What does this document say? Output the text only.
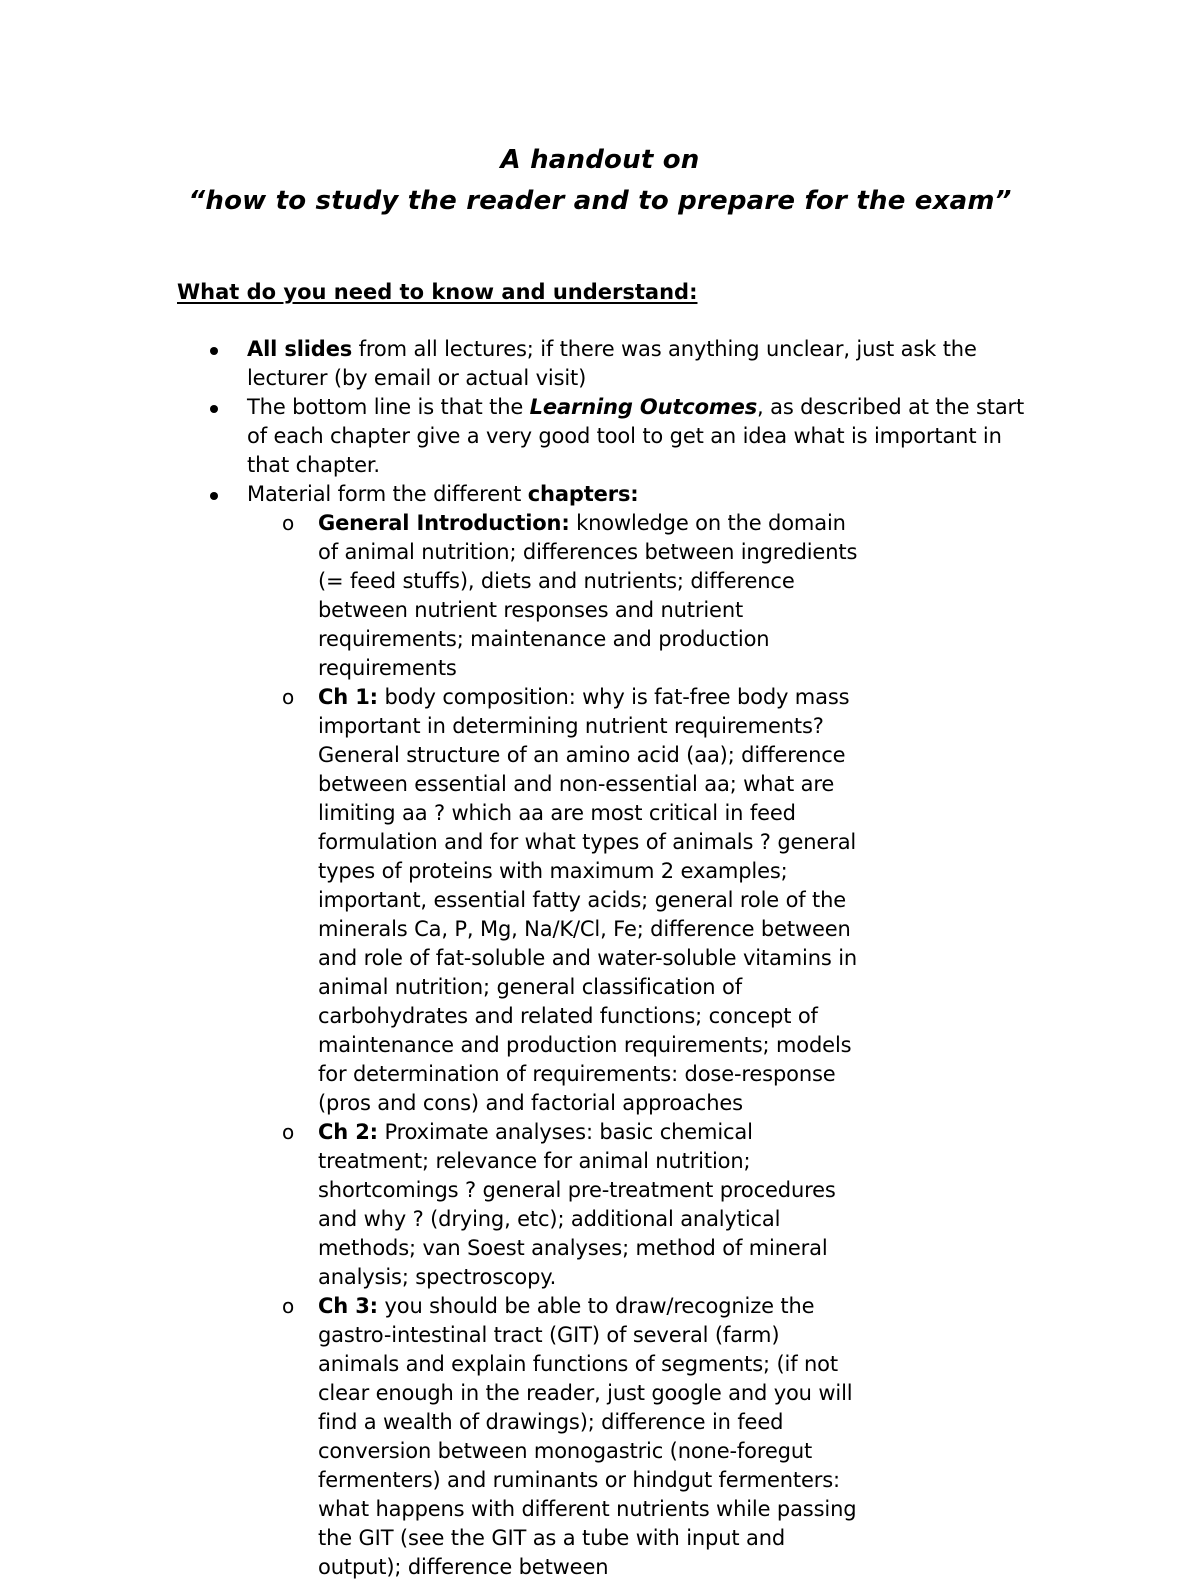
A handout on
“how to study the reader and to prepare for the exam”
What do you need to know and understand:
All slides from all lectures; if there was anything unclear, just ask the lecturer (by email or actual visit)
The bottom line is that the Learning Outcomes, as described at the start of each chapter give a very good tool to get an idea what is important in that chapter.
Material form the different chapters:
o General Introduction: knowledge on the domain of animal nutrition; differences between ingredients (= feed stuffs), diets and nutrients; difference between nutrient responses and nutrient requirements; maintenance and production requirements
o Ch 1: body composition: why is fat-free body mass important in determining nutrient requirements? General structure of an amino acid (aa); difference between essential and non-essential aa; what are limiting aa ? which aa are most critical in feed formulation and for what types of animals ? general types of proteins with maximum 2 examples; important, essential fatty acids; general role of the minerals Ca, P, Mg, Na/K/Cl, Fe; difference between and role of fat-soluble and water-soluble vitamins in animal nutrition; general classification of carbohydrates and related functions; concept of maintenance and production requirements; models for determination of requirements: dose-response (pros and cons) and factorial approaches
o Ch 2: Proximate analyses: basic chemical treatment; relevance for animal nutrition; shortcomings ? general pre-treatment procedures and why ? (drying, etc); additional analytical methods; van Soest analyses; method of mineral analysis; spectroscopy.
o Ch 3: you should be able to draw/recognize the gastro-intestinal tract (GIT) of several (farm) animals and explain functions of segments; (if not clear enough in the reader, just google and you will find a wealth of drawings); difference in feed conversion between monogastric (none-foregut fermenters) and ruminants or hindgut fermenters: what happens with different nutrients while passing the GIT (see the GIT as a tube with input and output); difference between
